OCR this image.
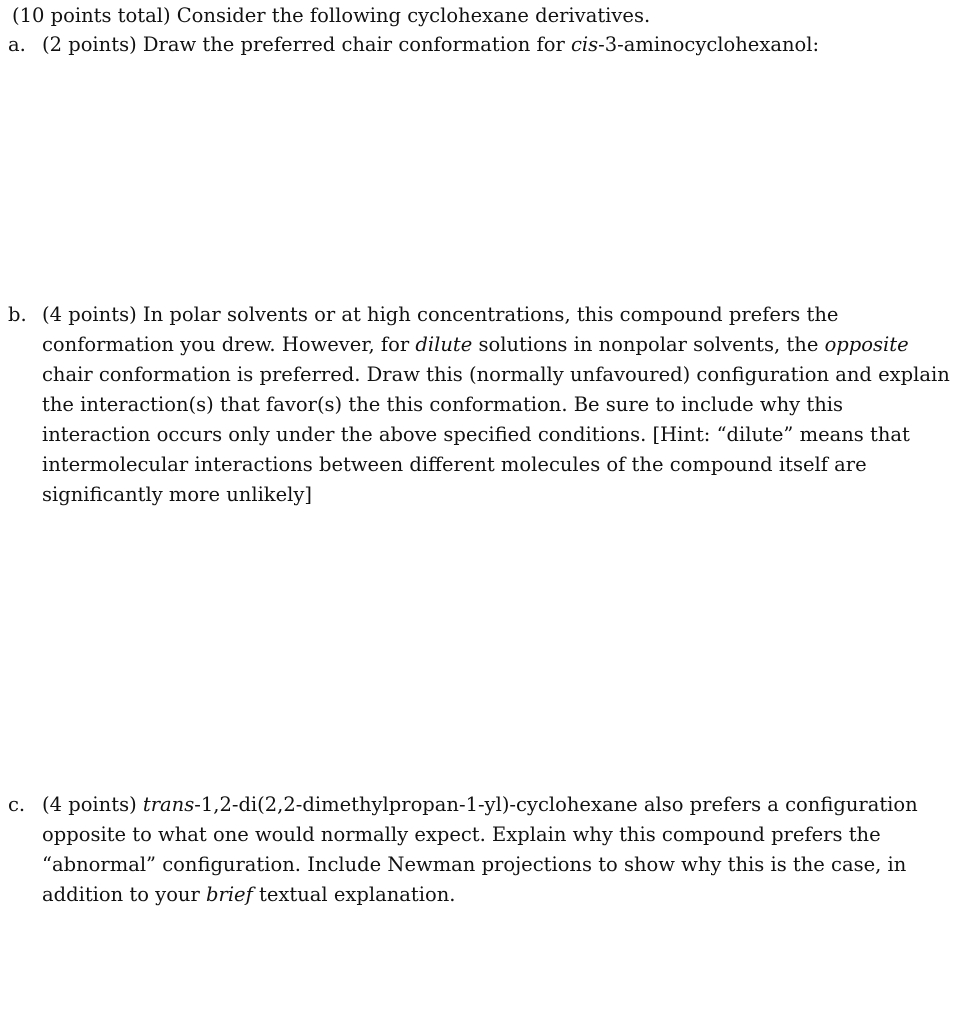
(10 points total) Consider the following cyclohexane derivatives.
a. (2 points) Draw the preferred chair conformation for cis-3-aminocyclohexanol:
b. (4 points) In polar solvents or at high concentrations, this compound prefers the conformation you drew. However, for dilute solutions in nonpolar solvents, the opposite chair conformation is preferred. Draw this (normally unfavoured) configuration and explain the interaction(s) that favor(s) the this conformation. Be sure to include why this interaction occurs only under the above specified conditions. [Hint: “dilute” means that intermolecular interactions between different molecules of the compound itself are significantly more unlikely]
c. (4 points) trans-1,2-di(2,2-dimethylpropan-1-yl)-cyclohexane also prefers a configuration opposite to what one would normally expect. Explain why this compound prefers the “abnormal” configuration. Include Newman projections to show why this is the case, in addition to your brief textual explanation.
